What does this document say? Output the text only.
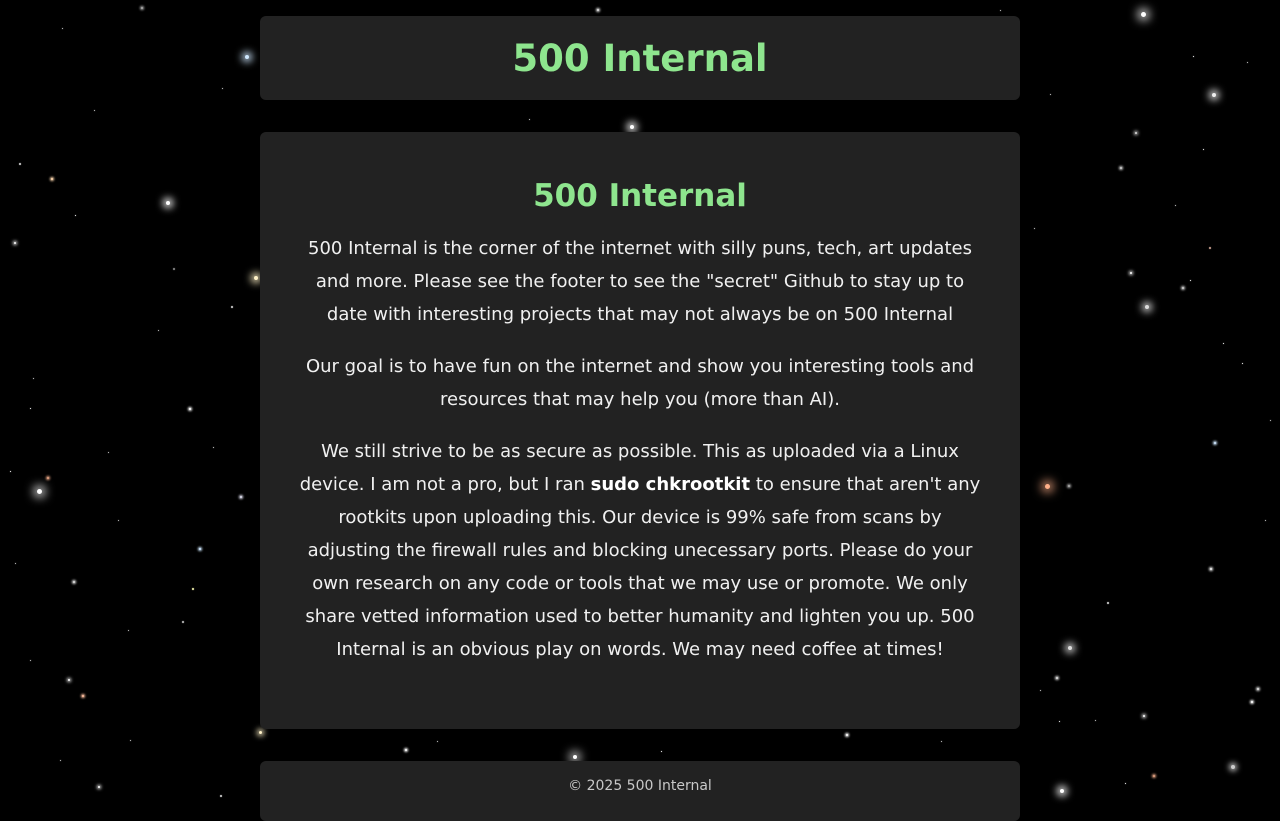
500 Internal
500 Internal

500 Internal is the corner of the internet with silly puns, tech, art updates and more. Please see the footer to see the "secret" Github to stay up to date with interesting projects that may not always be on 500 Internal

Our goal is to have fun on the internet and show you interesting tools and resources that may help you (more than AI).

We still strive to be as secure as possible. This as uploaded via a Linux device. I am not a pro, but I ran sudo chkrootkit to ensure that aren't any rootkits upon uploading this. Our device is 99% safe from scans by adjusting the firewall rules and blocking unecessary ports. Please do your own research on any code or tools that we may use or promote. We only share vetted information used to better humanity and lighten you up. 500 Internal is an obvious play on words. We may need coffee at times!

© 2025 500 Internal
